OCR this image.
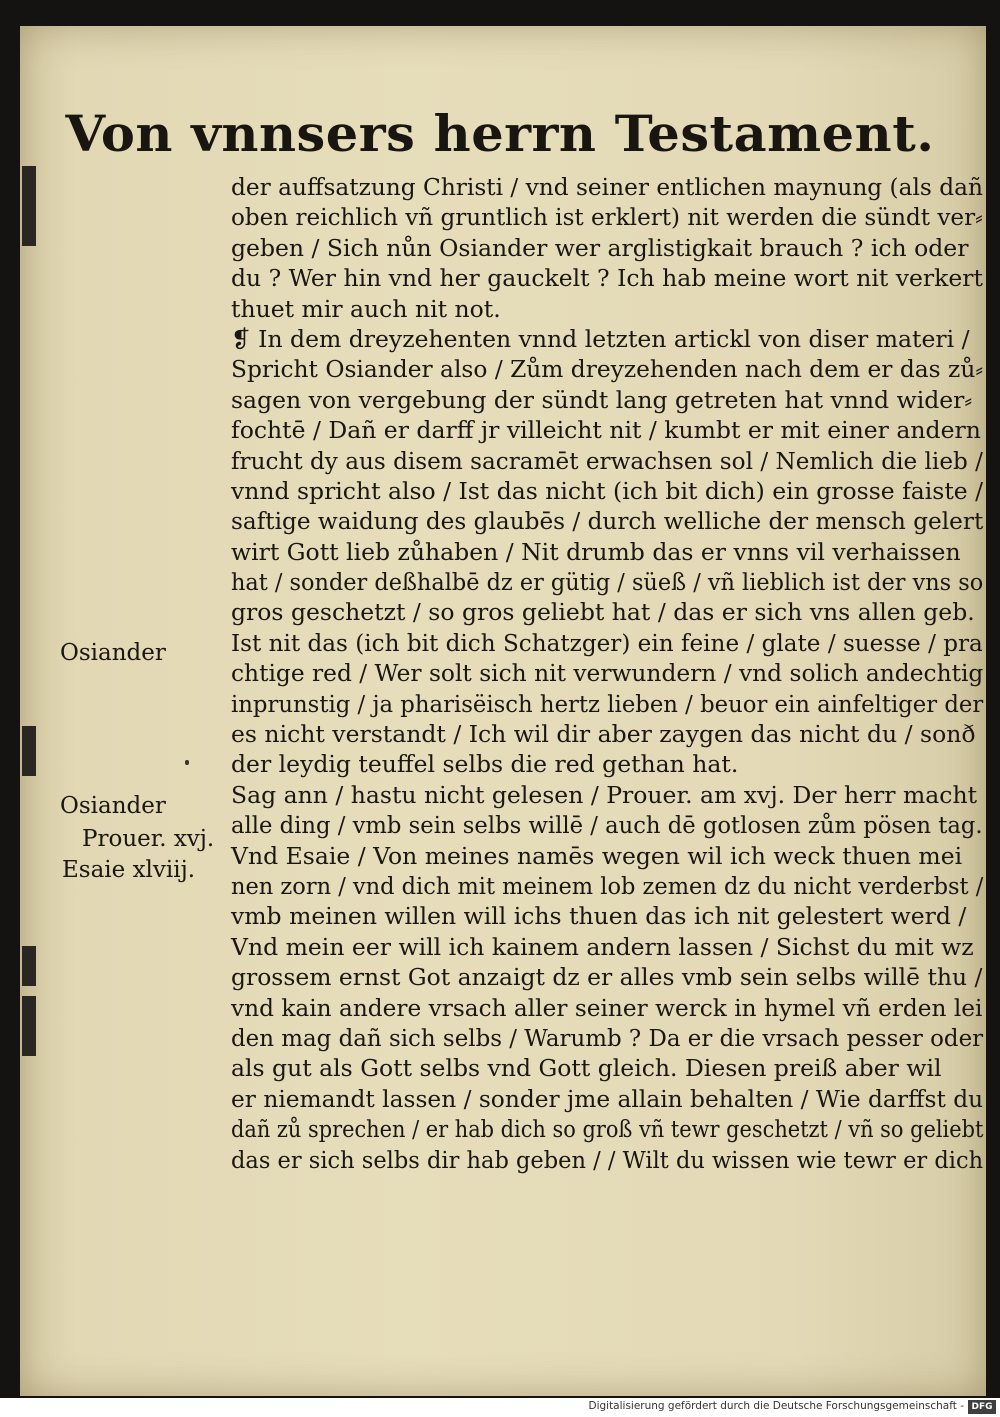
Von vnnsers herrn Testament.
der auffsatzung Christi / vnd seiner entlichen maynung (als dañ
oben reichlich vñ gruntlich ist erklert) nit werden die sündt ver⸗
geben / Sich nůn Osiander wer arglistigkait brauch ? ich oder
du ? Wer hin vnd her gauckelt ? Ich hab meine wort nit verkert
thuet mir auch nit not.
❡ In dem dreyzehenten vnnd letzten artickl von diser materi /
Spricht Osiander also / Zům dreyzehenden nach dem er das zů⸗
sagen von vergebung der sündt lang getreten hat vnnd wider⸗
fochtē / Dañ er darff jr villeicht nit / kumbt er mit einer andern
frucht dy aus disem sacramēt erwachsen sol / Nemlich die lieb /
vnnd spricht also / Ist das nicht (ich bit dich) ein grosse faiste /
saftige waidung des glaubēs / durch welliche der mensch gelert
wirt Gott lieb zůhaben / Nit drumb das er vnns vil verhaissen
hat / sonder deßhalbē dz er gütig / süeß / vñ lieblich ist der vns so
gros geschetzt / so gros geliebt hat / das er sich vns allen geb.
Ist nit das (ich bit dich Schatzger) ein feine / glate / suesse / pra
chtige red / Wer solt sich nit verwundern / vnd solich andechtig
inprunstig / ja pharisëisch hertz lieben / beuor ein ainfeltiger der
es nicht verstandt / Ich wil dir aber zaygen das nicht du / sonð
der leydig teuffel selbs die red gethan hat.
Sag ann / hastu nicht gelesen / Prouer. am xvj. Der herr macht
alle ding / vmb sein selbs willē / auch dē gotlosen zům pösen tag.
Vnd Esaie / Von meines namēs wegen wil ich weck thuen mei
nen zorn / vnd dich mit meinem lob zemen dz du nicht verderbst /
vmb meinen willen will ichs thuen das ich nit gelestert werd /
Vnd mein eer will ich kainem andern lassen / Sichst du mit wz
grossem ernst Got anzaigt dz er alles vmb sein selbs willē thu /
vnd kain andere vrsach aller seiner werck in hymel vñ erden lei
den mag dañ sich selbs / Warumb ? Da er die vrsach pesser oder
als gut als Gott selbs vnd Gott gleich. Diesen preiß aber wil
er niemandt lassen / sonder jme allain behalten / Wie darffst du
dañ zů sprechen / er hab dich so groß vñ tewr geschetzt / vñ so geliebt
das er sich selbs dir hab geben / / Wilt du wissen wie tewr er dich
Osiander
Osiander
Prouer. xvj.
Esaie xlviij.
Digitalisierung gefördert durch die Deutsche Forschungsgemeinschaft - DFG
